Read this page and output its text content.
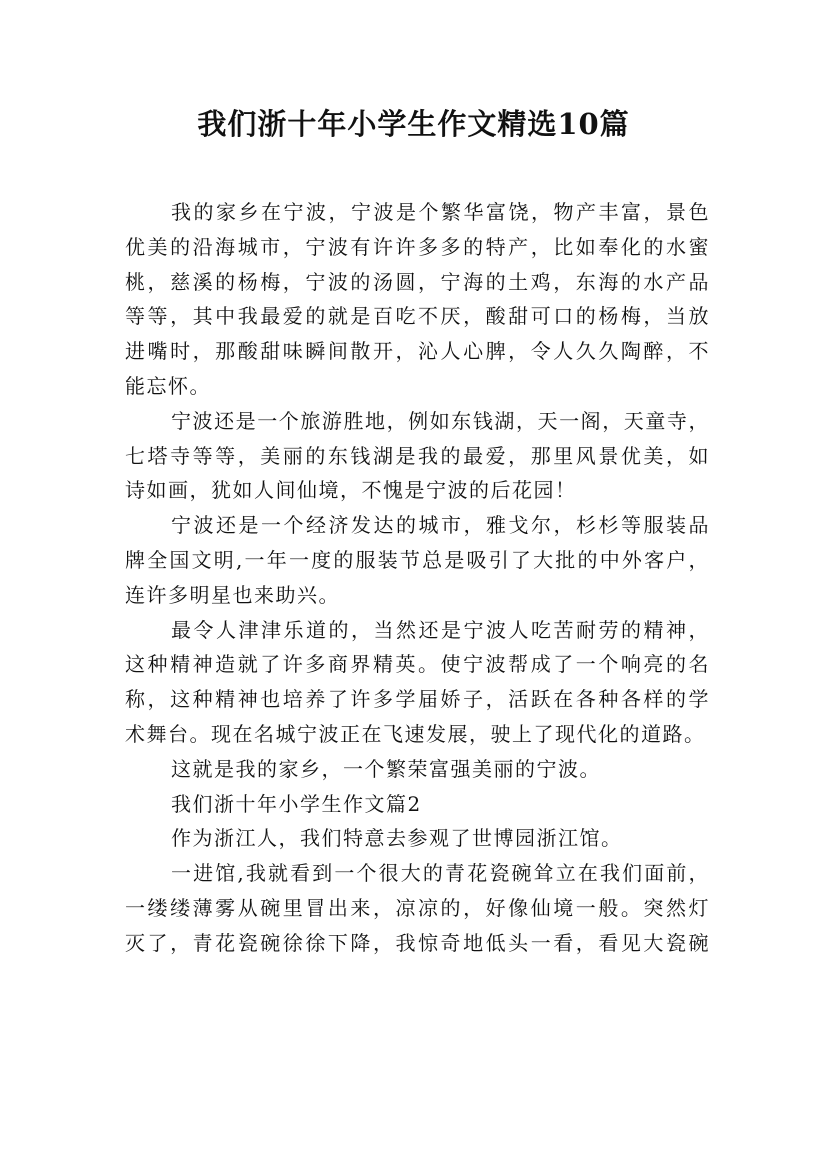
我们浙十年小学生作文精选10篇
我的家乡在宁波，宁波是个繁华富饶，物产丰富，景色
优美的沿海城市，宁波有许许多多的特产，比如奉化的水蜜
桃，慈溪的杨梅，宁波的汤圆，宁海的土鸡，东海的水产品
等等，其中我最爱的就是百吃不厌，酸甜可口的杨梅，当放
进嘴时，那酸甜味瞬间散开，沁人心脾，令人久久陶醉，不
能忘怀。
宁波还是一个旅游胜地，例如东钱湖，天一阁，天童寺，
七塔寺等等，美丽的东钱湖是我的最爱，那里风景优美，如
诗如画，犹如人间仙境，不愧是宁波的后花园！
宁波还是一个经济发达的城市，雅戈尔，杉杉等服装品
牌全国文明,一年一度的服装节总是吸引了大批的中外客户，
连许多明星也来助兴。
最令人津津乐道的，当然还是宁波人吃苦耐劳的精神，
这种精神造就了许多商界精英。使宁波帮成了一个响亮的名
称，这种精神也培养了许多学届娇子，活跃在各种各样的学
术舞台。现在名城宁波正在飞速发展，驶上了现代化的道路。
这就是我的家乡，一个繁荣富强美丽的宁波。
我们浙十年小学生作文篇2
作为浙江人，我们特意去参观了世博园浙江馆。
一进馆,我就看到一个很大的青花瓷碗耸立在我们面前，
一缕缕薄雾从碗里冒出来，凉凉的，好像仙境一般。突然灯
灭了，青花瓷碗徐徐下降，我惊奇地低头一看，看见大瓷碗
